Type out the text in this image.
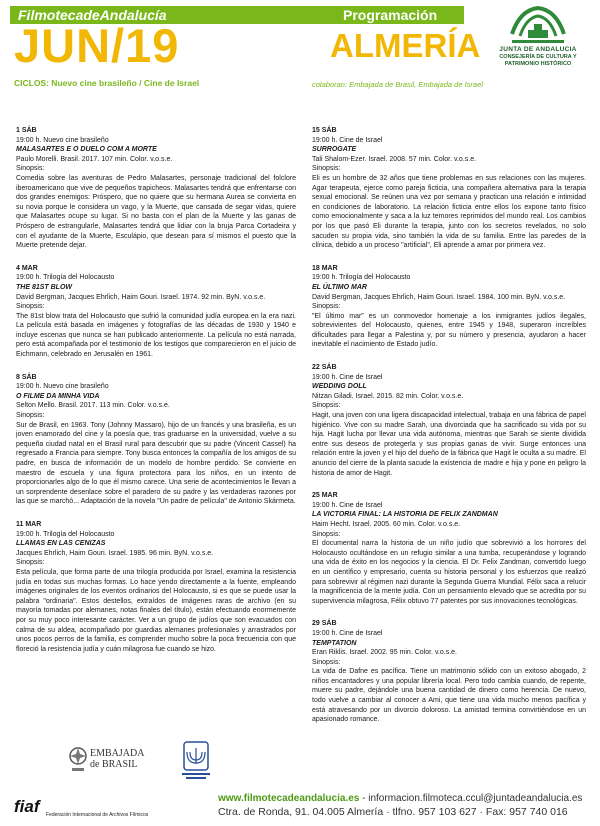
FilmotecadeAndalucía	Programación
JUN/19	ALMERÍA	JUNTA DE ANDALUCIA
CONSEJERÍA DE CULTURA Y
PATRIMONIO HISTÓRICO
CICLOS: Nuevo cine brasileño / Cine de Israel	colaboran: Embajada de Brasil, Embajada de Israel
1 SÁB
19:00 h. Nuevo cine brasileño
MALASARTES E O DUELO COM A MORTE
Paulo Morelli. Brasil. 2017. 107 min. Color. v.o.s.e.
Sinopsis:
Comedia sobre las aventuras de Pedro Malasartes, personaje tradicional del folclore iberoamericano que vive de pequeños trapicheos. Malasartes tendrá que enfrentarse con dos grandes enemigos: Próspero, que no quiere que su hermana Aurea se convierta en su novia porque le considera un vago, y la Muerte, que cansada de segar vidas, quiere que Malasartes ocupe su lugar. Si no basta con el plan de la Muerte y las ganas de Próspero de estrangularle, Malasartes tendrá que lidiar con la bruja Parca Cortadeira y con el ayudante de la Muerte, Esculápio, que desean para sí mismos el puesto que la Muerte pretende dejar.
4 MAR
19:00 h. Trilogía del Holocausto
THE 81ST BLOW
David Bergman, Jacques Ehrlich, Haim Gouri. Israel. 1974. 92 min. ByN. v.o.s.e.
Sinopsis:
The 81st blow trata del Holocausto que sufrió la comunidad judía europea en la era nazi. La película está basada en imágenes y fotografías de las décadas de 1930 y 1940 e incluye escenas que nunca se han publicado anteriormente. La película no está narrada, pero está acompañada por el testimonio de los testigos que comparecieron en el juicio de Eichmann, celebrado en Jerusalén en 1961.
8 SÁB
19:00 h. Nuevo cine brasileño
O FILME DA MINHA VIDA
Selton Mello. Brasil. 2017. 113 min. Color. v.o.s.e.
Sinopsis:
Sur de Brasil, en 1963. Tony (Johnny Massaro), hijo de un francés y una brasileña, es un joven enamorado del cine y la poesía que, tras graduarse en la universidad, vuelve a su pequeña ciudad natal en el Brasil rural para descubrir que su padre (Vincent Cassel) ha regresado a Francia para siempre. Tony busca entonces la compañía de los amigos de su padre, en busca de información de un modelo de hombre perdido. Se convierte en maestro de escuela y una figura protectora para los niños, en un intento de proporcionarles algo de lo que él mismo carece. Una serie de acontecimientos le llevan a un sorprendente desenlace sobre el paradero de su padre y las verdaderas razones por las que se marchó... Adaptación de la novela "Un padre de película" de Antonio Skármeta.
11 MAR
19:00 h. Trilogía del Holocausto
LLAMAS EN LAS CENIZAS
Jacques Ehrlich, Haim Gouri. Israel. 1985. 96 min. ByN. v.o.s.e.
Sinopsis:
Esta película, que forma parte de una trilogía producida por Israel, examina la resistencia judía en todas sus muchas formas. Lo hace yendo directamente a la fuente, empleando imágenes originales de los eventos ordinarios del Holocausto, si es que se puede usar la palabra "ordinaria". Estos destellos, extraídos de imágenes raras de archivo (en su mayoría tomadas por alemanes, notas finales del título), están efectuando enormemente por su muy poco interesante carácter. Ver a un grupo de judíos que son evacuados con calma de su aldea, acompañado por guardias alemanes profesionales y arrastrados por unos pocos perros de la familia, es comprender mucho sobre la poca frecuencia con que floreció la resistencia judía y cuán milagrosa fue cuando se hizo.
15 SÁB
19:00 h. Cine de Israel
SURROGATE
Tali Shalom-Ezer. Israel. 2008. 57 min. Color. v.o.s.e.
Sinopsis:
Eli es un hombre de 32 años que tiene problemas en sus relaciones con las mujeres. Agar terapeuta, ejerce como pareja ficticia, una compañera alternativa para la terapia sexual emocional. Se reúnen una vez por semana y practican una relación e intimidad en condiciones de laboratorio. La relación ficticia entre ellos los expone tanto físico como emocionalmente y saca a la luz temores reprimidos del mundo real. Los cambios por los que pasó Eli durante la terapia, junto con los secretos revelados, no solo sacuden su propia vida, sino también la vida de su familia. Entre las paredes de la clínica, debido a un proceso "artificial", Eli aprende a amar por primera vez.
18 MAR
19:00 h. Trilogía del Holocausto
EL ÚLTIMO MAR
David Bergman, Jacques Ehrlich, Haim Gouri. Israel. 1984. 100 min. ByN. v.o.s.e.
Sinopsis:
"El último mar" es un conmovedor homenaje a los inmigrantes judíos ilegales, sobrevivientes del Holocausto, quienes, entre 1945 y 1948, superaron increíbles dificultades para llegar a Palestina y, por su número y presencia, ayudaron a hacer inevitable el nacimiento de Estado judío.
22 SÁB
19:00 h. Cine de Israel
WEDDING DOLL
Nitzan Giladi. Israel. 2015. 82 min. Color. v.o.s.e.
Sinopsis:
Hagit, una joven con una ligera discapacidad intelectual, trabaja en una fábrica de papel higiénico. Vive con su madre Sarah, una divorciada que ha sacrificado su vida por su hija. Hagit lucha por llevar una vida autónoma, mientras que Sarah se siente dividida entre sus deseos de protegerla y sus propias ganas de vivir. Surge entonces una relación entre la joven y el hijo del dueño de la fábrica que Hagit le oculta a su madre. El anuncio del cierre de la planta sacude la existencia de madre e hija y pone en peligro la historia de amor de Hagit.
25 MAR
19:00 h. Cine de Israel
LA VICTORIA FINAL: LA HISTORIA DE FELIX ZANDMAN
Haim Hecht. Israel. 2005. 60 min. Color. v.o.s.e.
Sinopsis:
El documental narra la historia de un niño judío que sobrevivió a los horrores del Holocausto ocultándose en un refugio similar a una tumba, recuperándose y logrando una vida de éxito en los negocios y la ciencia. El Dr. Felix Zandman, convertido luego en un científico y empresario, cuenta su historia personal y los esfuerzos que realizó para sobrevivir al régimen nazi durante la Segunda Guerra Mundial. Félix saca a relucir la magnificencia de la mente judía. Con un pensamiento elevado que se acredita por su supervivencia milagrosa, Félix obtuvo 77 patentes por sus innovaciones tecnológicas.
29 SÁB
19:00 h. Cine de Israel
TEMPTATION
Eran Riklis. Israel. 2002. 95 min. Color. v.o.s.e.
Sinopsis:
La vida de Dafne es pacífica. Tiene un matrimonio sólido con un exitoso abogado, 2 niños encantadores y una popular librería local. Pero todo cambia cuando, de repente, muere su padre, dejándole una buena cantidad de dinero como herencia. De nuevo, todo vuelve a cambiar al conocer a Ami, que tiene una vida mucho menos pacífica y está atravesando por un divorcio doloroso. La amistad termina convirtiéndose en un apasionado romance.
EMBAJADA
de BRASIL
fiaf	Federación Internacional de Archivos Fílmicos
www.filmotecadeandalucia.es - informacion.filmoteca.ccul@juntadeandalucia.es
Ctra. de Ronda, 91. 04.005 Almería · tlfno. 957 103 627 · Fax: 957 740 016
